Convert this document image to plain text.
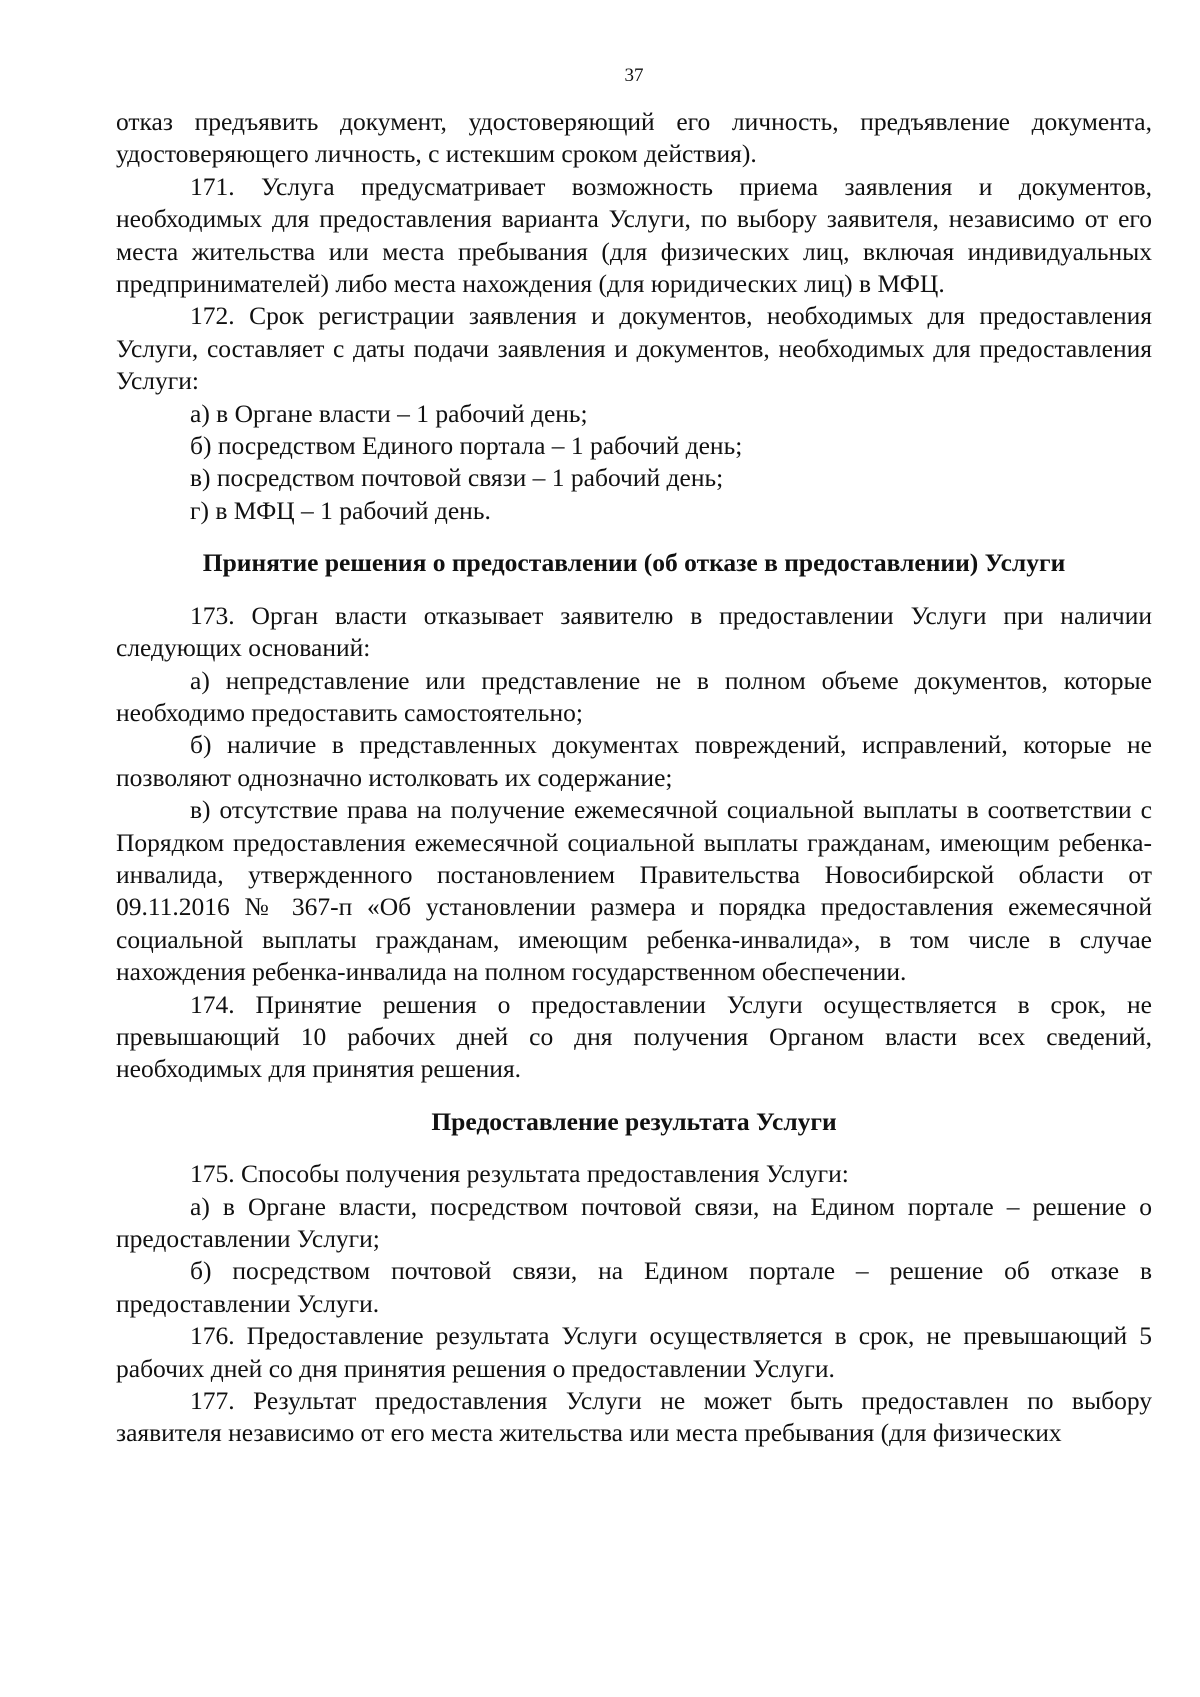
37

отказ предъявить документ, удостоверяющий его личность, предъявление документа, удостоверяющего личность, с истекшим сроком действия).

171. Услуга предусматривает возможность приема заявления и документов, необходимых для предоставления варианта Услуги, по выбору заявителя, независимо от его места жительства или места пребывания (для физических лиц, включая индивидуальных предпринимателей) либо места нахождения (для юридических лиц) в МФЦ.

172. Срок регистрации заявления и документов, необходимых для предоставления Услуги, составляет с даты подачи заявления и документов, необходимых для предоставления Услуги:

а) в Органе власти – 1 рабочий день;

б) посредством Единого портала – 1 рабочий день;

в) посредством почтовой связи – 1 рабочий день;

г) в МФЦ – 1 рабочий день.

Принятие решения о предоставлении (об отказе в предоставлении) Услуги

173. Орган власти отказывает заявителю в предоставлении Услуги при наличии следующих оснований:

а) непредставление или представление не в полном объеме документов, которые необходимо предоставить самостоятельно;

б) наличие в представленных документах повреждений, исправлений, которые не позволяют однозначно истолковать их содержание;

в) отсутствие права на получение ежемесячной социальной выплаты в соответствии с Порядком предоставления ежемесячной социальной выплаты гражданам, имеющим ребенка-инвалида, утвержденного постановлением Правительства Новосибирской области от 09.11.2016 № 367-п «Об установлении размера и порядка предоставления ежемесячной социальной выплаты гражданам, имеющим ребенка-инвалида», в том числе в случае нахождения ребенка-инвалида на полном государственном обеспечении.

174. Принятие решения о предоставлении Услуги осуществляется в срок, не превышающий 10 рабочих дней со дня получения Органом власти всех сведений, необходимых для принятия решения.

Предоставление результата Услуги

175. Способы получения результата предоставления Услуги:

а) в Органе власти, посредством почтовой связи, на Едином портале – решение о предоставлении Услуги;

б) посредством почтовой связи, на Едином портале – решение об отказе в предоставлении Услуги.

176. Предоставление результата Услуги осуществляется в срок, не превышающий 5 рабочих дней со дня принятия решения о предоставлении Услуги.

177. Результат предоставления Услуги не может быть предоставлен по выбору заявителя независимо от его места жительства или места пребывания (для физических
